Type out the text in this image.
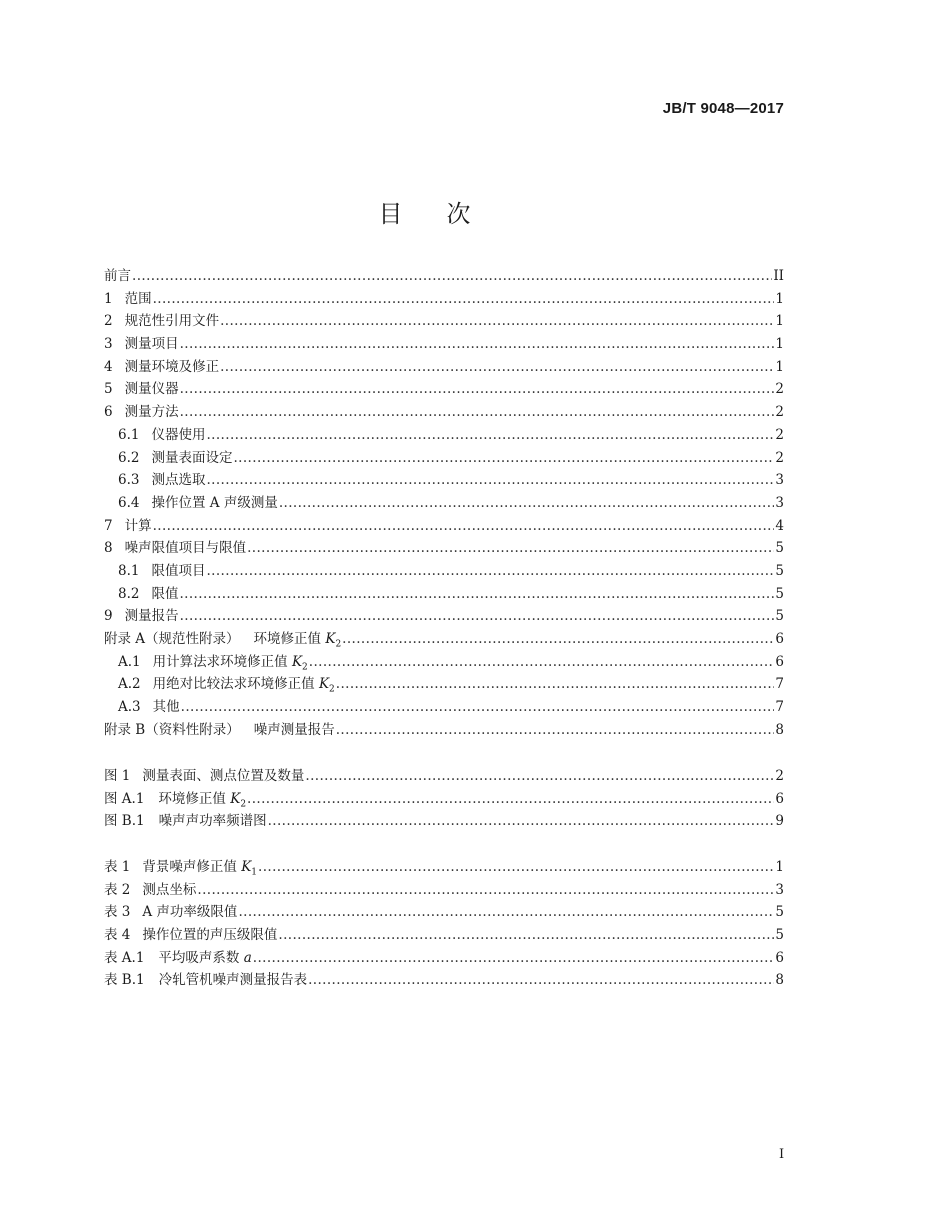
JB/T 9048—2017
目次
前言 .....	II
1 范围 .....	1
2 规范性引用文件 .....	1
3 测量项目 .....	1
4 测量环境及修正 .....	1
5 测量仪器 .....	2
6 测量方法 .....	2
6.1 仪器使用 .....	2
6.2 测量表面设定 .....	2
6.3 测点选取 .....	3
6.4 操作位置 A 声级测量 .....	3
7 计算 .....	4
8 噪声限值项目与限值 .....	5
8.1 限值项目 .....	5
8.2 限值 .....	5
9 测量报告 .....	5
附录 A（规范性附录） 环境修正值 $K_2$ .....	6
A.1 用计算法求环境修正值 $K_2$ .....	6
A.2 用绝对比较法求环境修正值 $K_2$ .....	7
A.3 其他 .....	7
附录 B（资料性附录） 噪声测量报告 .....	8
图 1 测量表面、测点位置及数量 .....	2
图 A.1 环境修正值 $K_2$ .....	6
图 B.1 噪声声功率频谱图 .....	9
表 1 背景噪声修正值 $K_1$ .....	1
表 2 测点坐标 .....	3
表 3 A 声功率级限值 .....	5
表 4 操作位置的声压级限值 .....	5
表 A.1 平均吸声系数 a .....	6
表 B.1 冷轧管机噪声测量报告表 .....	8
I
